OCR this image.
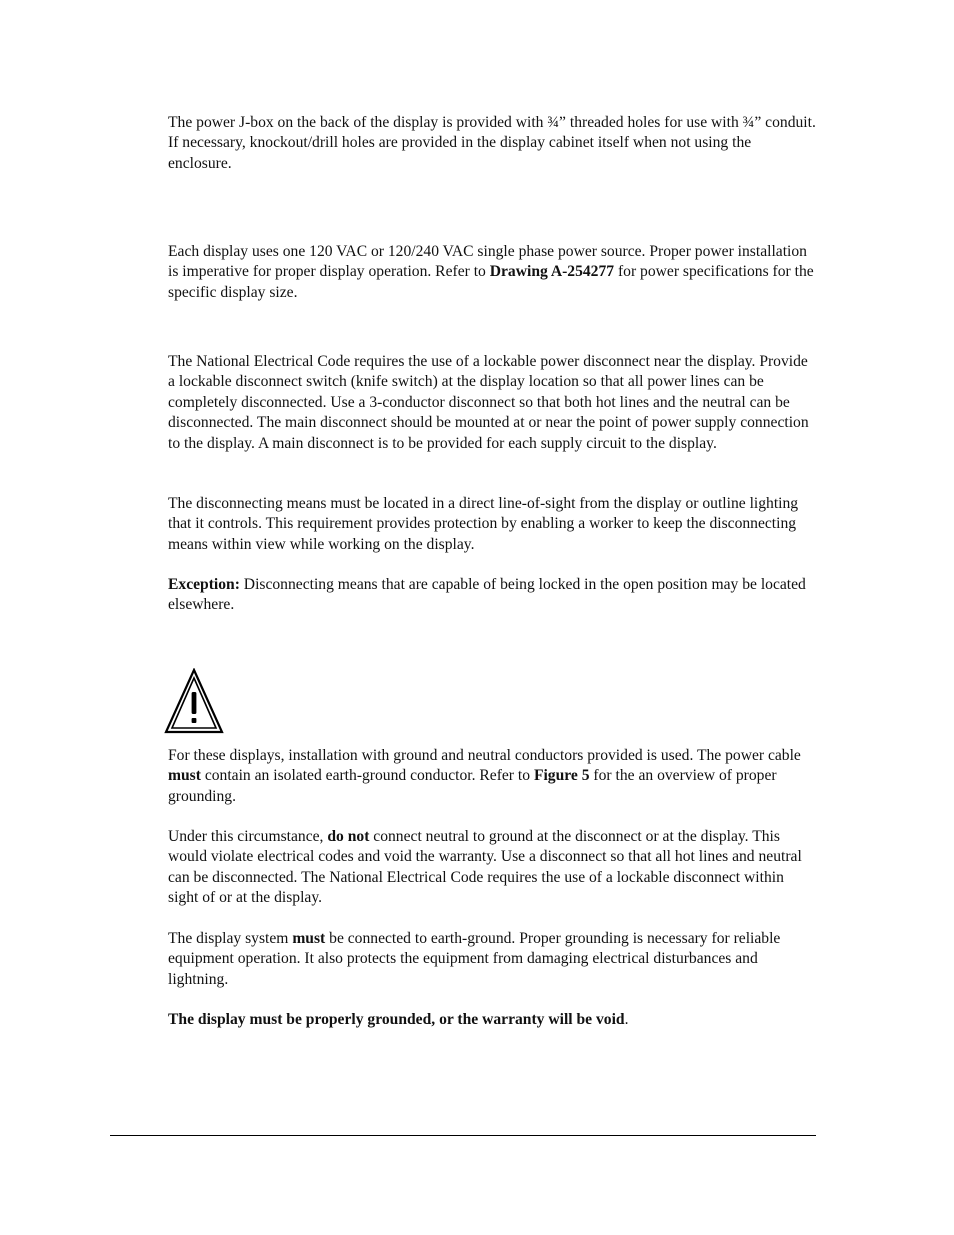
The power J-box on the back of the display is provided with ¾” threaded holes for use with ¾” conduit. If necessary, knockout/drill holes are provided in the display cabinet itself when not using the enclosure.

Each display uses one 120 VAC or 120/240 VAC single phase power source. Proper power installation is imperative for proper display operation. Refer to Drawing A-254277 for power specifications for the specific display size.

The National Electrical Code requires the use of a lockable power disconnect near the display. Provide a lockable disconnect switch (knife switch) at the display location so that all power lines can be completely disconnected. Use a 3-conductor disconnect so that both hot lines and the neutral can be disconnected. The main disconnect should be mounted at or near the point of power supply connection to the display. A main disconnect is to be provided for each supply circuit to the display.

The disconnecting means must be located in a direct line-of-sight from the display or outline lighting that it controls. This requirement provides protection by enabling a worker to keep the disconnecting means within view while working on the display.

Exception: Disconnecting means that are capable of being locked in the open position may be located elsewhere.

For these displays, installation with ground and neutral conductors provided is used. The power cable must contain an isolated earth-ground conductor. Refer to Figure 5 for the an overview of proper grounding.

Under this circumstance, do not connect neutral to ground at the disconnect or at the display. This would violate electrical codes and void the warranty. Use a disconnect so that all hot lines and neutral can be disconnected. The National Electrical Code requires the use of a lockable disconnect within sight of or at the display.

The display system must be connected to earth-ground. Proper grounding is necessary for reliable equipment operation. It also protects the equipment from damaging electrical disturbances and lightning.

The display must be properly grounded, or the warranty will be void.
